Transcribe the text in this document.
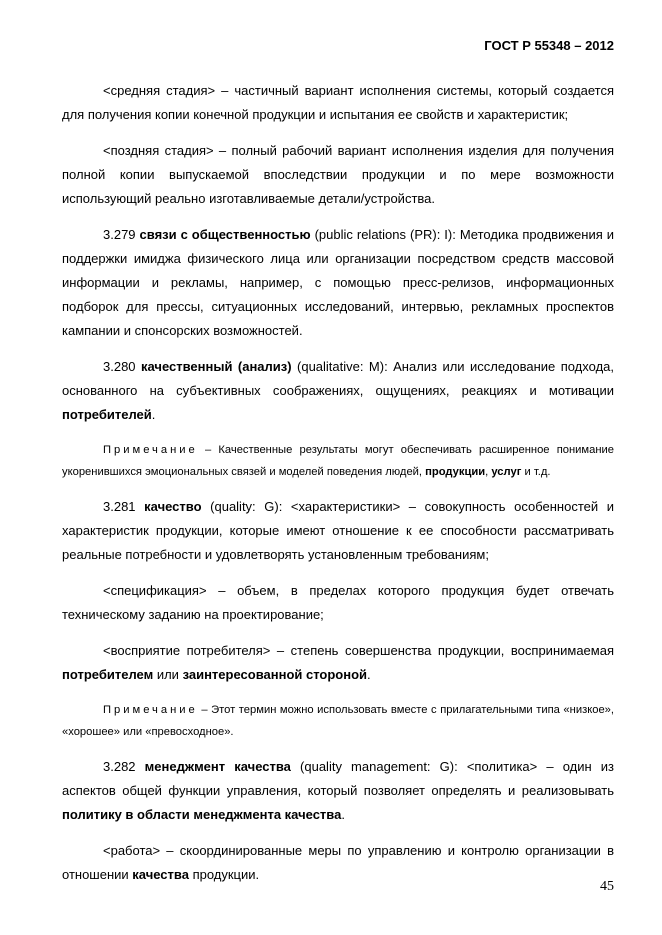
ГОСТ Р 55348 – 2012

<средняя стадия> – частичный вариант исполнения системы, который создается для получения копии конечной продукции и испытания ее свойств и характеристик;

<поздняя стадия> – полный рабочий вариант исполнения изделия для получения полной копии выпускаемой впоследствии продукции и по мере возможности использующий реально изготавливаемые детали/устройства.

3.279 связи с общественностью (public relations (PR): I): Методика продвижения и поддержки имиджа физического лица или организации посредством средств массовой информации и рекламы, например, с помощью пресс-релизов, информационных подборок для прессы, ситуационных исследований, интервью, рекламных проспектов кампании и спонсорских возможностей.

3.280 качественный (анализ) (qualitative: M): Анализ или исследование подхода, основанного на субъективных соображениях, ощущениях, реакциях и мотивации потребителей.

Примечание – Качественные результаты могут обеспечивать расширенное понимание укоренившихся эмоциональных связей и моделей поведения людей, продукции, услуг и т.д.

3.281 качество (quality: G): <характеристики> – совокупность особенностей и характеристик продукции, которые имеют отношение к ее способности рассматривать реальные потребности и удовлетворять установленным требованиям;

<спецификация> – объем, в пределах которого продукция будет отвечать техническому заданию на проектирование;

<восприятие потребителя> – степень совершенства продукции, воспринимаемая потребителем или заинтересованной стороной.

Примечание – Этот термин можно использовать вместе с прилагательными типа «низкое», «хорошее» или «превосходное».

3.282 менеджмент качества (quality management: G): <политика> – один из аспектов общей функции управления, который позволяет определять и реализовывать политику в области менеджмента качества.

<работа> – скоординированные меры по управлению и контролю организации в отношении качества продукции.

45
